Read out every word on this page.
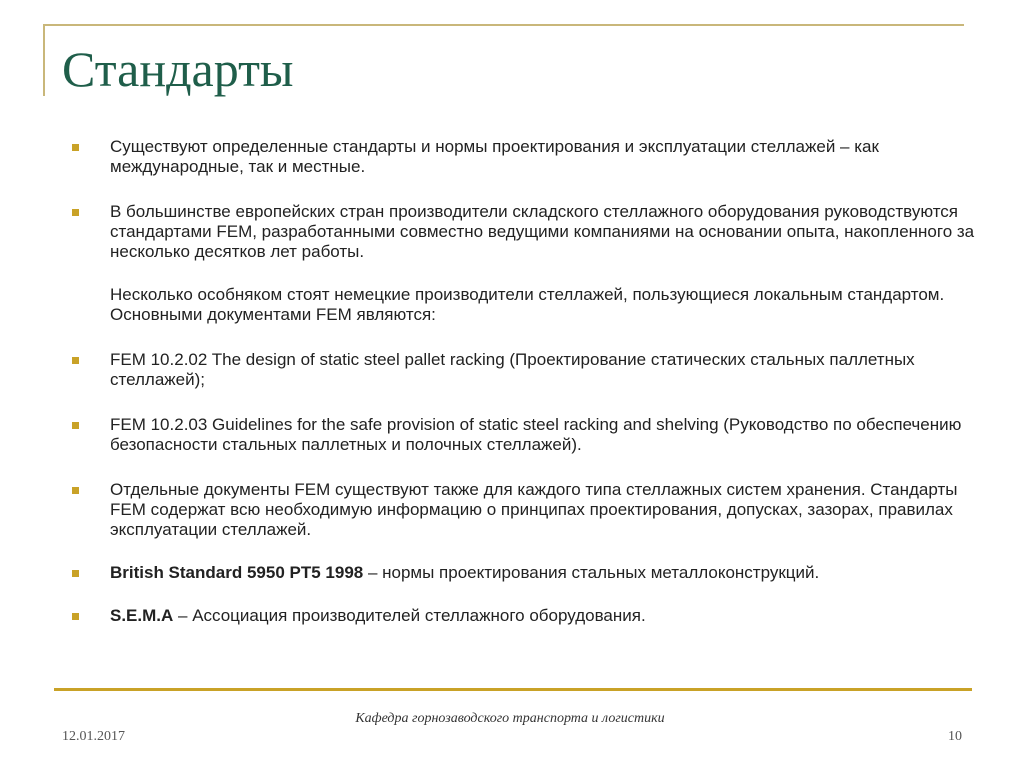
Стандарты
Существуют определенные стандарты и нормы проектирования и эксплуатации стеллажей – как международные, так и местные.
В большинстве европейских стран производители складского стеллажного оборудования руководствуются стандартами FEM, разработанными совместно ведущими компаниями на основании опыта, накопленного за несколько десятков лет работы.
Несколько особняком стоят немецкие производители стеллажей, пользующиеся локальным стандартом. Основными документами FEM являются:
FEM 10.2.02 The design of static steel pallet racking (Проектирование статических стальных паллетных стеллажей);
FEM 10.2.03 Guidelines for the safe provision of static steel racking and shelving (Руководство по обеспечению безопасности стальных паллетных и полочных стеллажей).
Отдельные документы FEM существуют также для каждого типа стеллажных систем хранения. Стандарты FEM содержат всю необходимую информацию о принципах проектирования, допусках, зазорах, правилах эксплуатации стеллажей.
British Standard 5950 PT5 1998 – нормы проектирования стальных металлоконструкций.
S.E.M.A – Ассоциация производителей стеллажного оборудования.
12.01.2017
Кафедра горнозаводского транспорта и логистики
10
